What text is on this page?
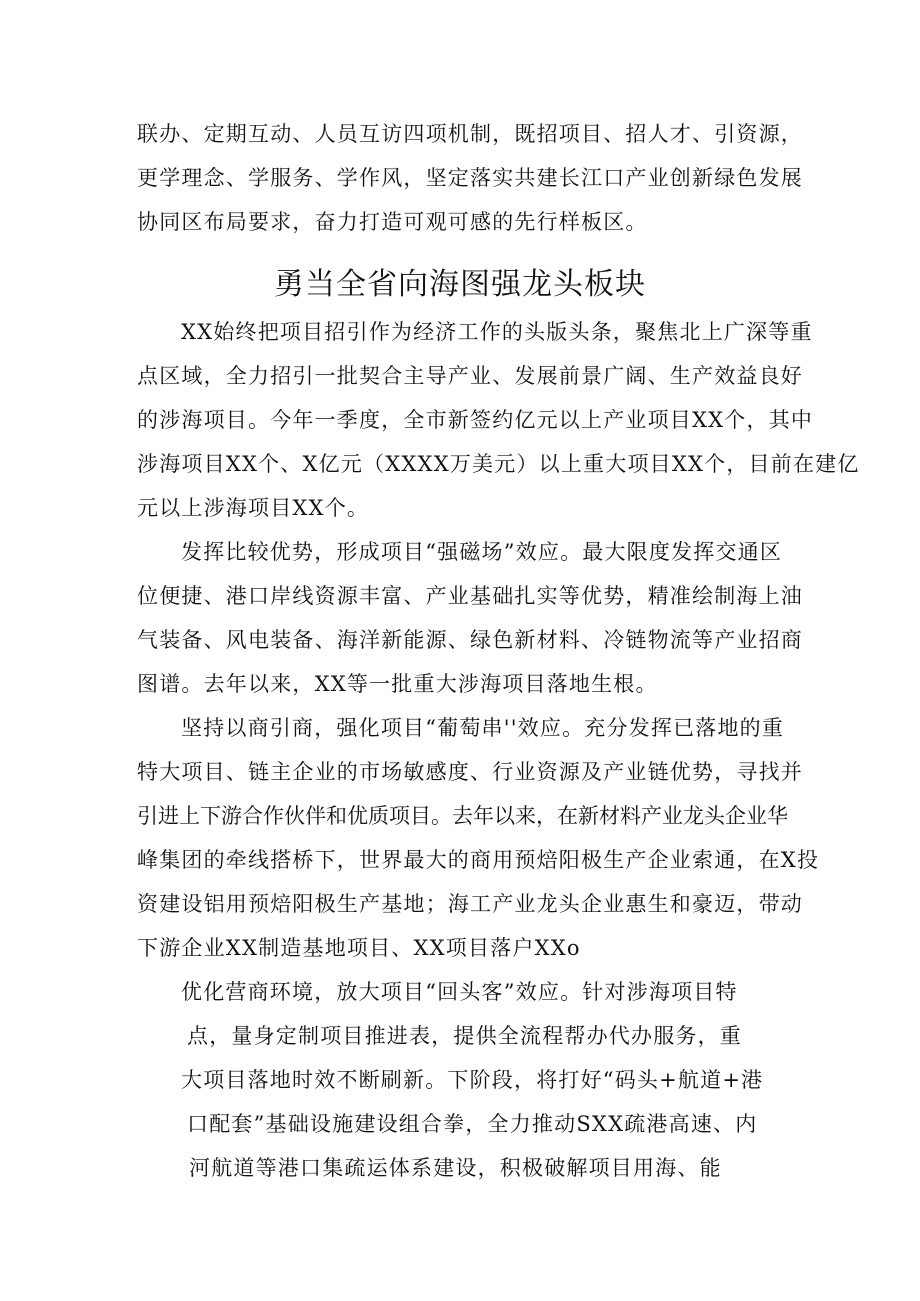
联办、定期互动、人员互访四项机制，既招项目、招人才、引资源，
更学理念、学服务、学作风，坚定落实共建长江口产业创新绿色发展
协同区布局要求，奋力打造可观可感的先行样板区。
勇当全省向海图强龙头板块
XX始终把项目招引作为经济工作的头版头条，聚焦北上广深等重
点区域，全力招引一批契合主导产业、发展前景广阔、生产效益良好
的涉海项目。今年一季度，全市新签约亿元以上产业项目XX个，其中
涉海项目XX个、X亿元（XXXX万美元）以上重大项目XX个，目前在建亿
元以上涉海项目XX个。
发挥比较优势，形成项目“强磁场”效应。最大限度发挥交通区
位便捷、港口岸线资源丰富、产业基础扎实等优势，精准绘制海上油
气装备、风电装备、海洋新能源、绿色新材料、冷链物流等产业招商
图谱。去年以来，XX等一批重大涉海项目落地生根。
坚持以商引商，强化项目“葡萄串''效应。充分发挥已落地的重
特大项目、链主企业的市场敏感度、行业资源及产业链优势，寻找并
引进上下游合作伙伴和优质项目。去年以来，在新材料产业龙头企业华
峰集团的牵线搭桥下，世界最大的商用预焙阳极生产企业索通，在X投
资建设铝用预焙阳极生产基地；海工产业龙头企业惠生和豪迈，带动
下游企业XX制造基地项目、XX项目落户XXo
优化营商环境，放大项目“回头客”效应。针对涉海项目特
点，量身定制项目推进表，提供全流程帮办代办服务，重
大项目落地时效不断刷新。下阶段，将打好“码头+航道+港
口配套”基础设施建设组合拳，全力推动SXX疏港高速、内
河航道等港口集疏运体系建设，积极破解项目用海、能
